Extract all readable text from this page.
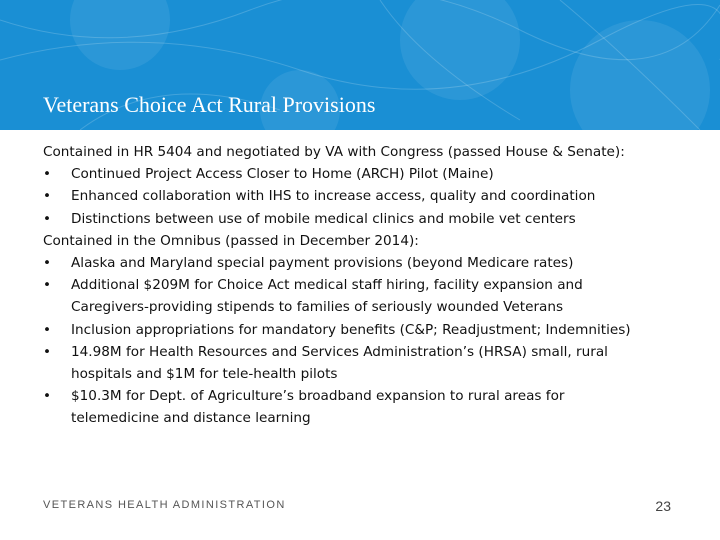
Veterans Choice Act Rural Provisions
Contained in HR 5404 and negotiated by VA with Congress (passed House & Senate):
• Continued Project Access Closer to Home (ARCH) Pilot (Maine)
• Enhanced collaboration with IHS to increase access, quality and coordination
• Distinctions between use of mobile medical clinics and mobile vet centers
Contained in the Omnibus (passed in December 2014):
• Alaska and Maryland special payment provisions (beyond Medicare rates)
• Additional $209M for Choice Act medical staff hiring, facility expansion and
Caregivers-providing stipends to families of seriously wounded Veterans
• Inclusion appropriations for mandatory benefits (C&P; Readjustment; Indemnities)
• 14.98M for Health Resources and Services Administration’s (HRSA) small, rural
hospitals and $1M for tele-health pilots
• $10.3M for Dept. of Agriculture’s broadband expansion to rural areas for
telemedicine and distance learning
VETERANS HEALTH ADMINISTRATION	23
